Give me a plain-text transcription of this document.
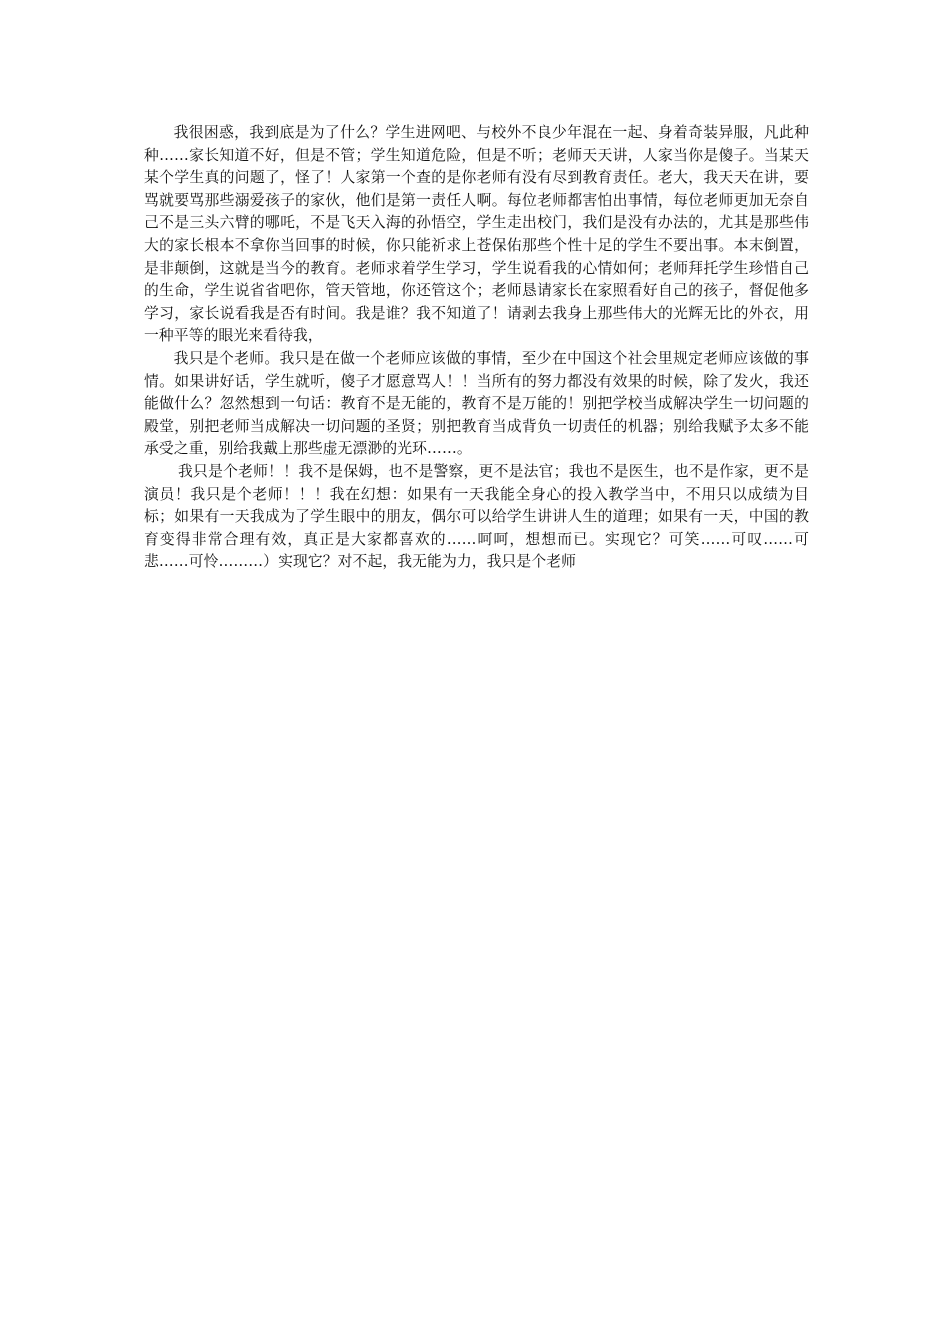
我很困惑，我到底是为了什么？学生进网吧、与校外不良少年混在一起、身着奇装异服，凡此种种……家长知道不好，但是不管；学生知道危险，但是不听；老师天天讲，人家当你是傻子。当某天某个学生真的问题了，怪了！人家第一个查的是你老师有没有尽到教育责任。老大，我天天在讲，要骂就要骂那些溺爱孩子的家伙，他们是第一责任人啊。每位老师都害怕出事情，每位老师更加无奈自己不是三头六臂的哪吒，不是飞天入海的孙悟空，学生走出校门，我们是没有办法的，尤其是那些伟大的家长根本不拿你当回事的时候，你只能祈求上苍保佑那些个性十足的学生不要出事。本末倒置，是非颠倒，这就是当今的教育。老师求着学生学习，学生说看我的心情如何；老师拜托学生珍惜自己的生命，学生说省省吧你，管天管地，你还管这个；老师恳请家长在家照看好自己的孩子，督促他多学习，家长说看我是否有时间。我是谁？我不知道了！请剥去我身上那些伟大的光辉无比的外衣，用一种平等的眼光来看待我，

我只是个老师。我只是在做一个老师应该做的事情，至少在中国这个社会里规定老师应该做的事情。如果讲好话，学生就听，傻子才愿意骂人！！当所有的努力都没有效果的时候，除了发火，我还能做什么？忽然想到一句话：教育不是无能的，教育不是万能的！别把学校当成解决学生一切问题的殿堂，别把老师当成解决一切问题的圣贤；别把教育当成背负一切责任的机器；别给我赋予太多不能承受之重，别给我戴上那些虚无漂渺的光环……。

我只是个老师！！我不是保姆，也不是警察，更不是法官；我也不是医生，也不是作家，更不是演员！我只是个老师！！！我在幻想：如果有一天我能全身心的投入教学当中，不用只以成绩为目标；如果有一天我成为了学生眼中的朋友，偶尔可以给学生讲讲人生的道理；如果有一天，中国的教育变得非常合理有效，真正是大家都喜欢的……呵呵，想想而已。实现它？可笑……可叹……可悲……可怜………）实现它？对不起，我无能为力，我只是个老师
